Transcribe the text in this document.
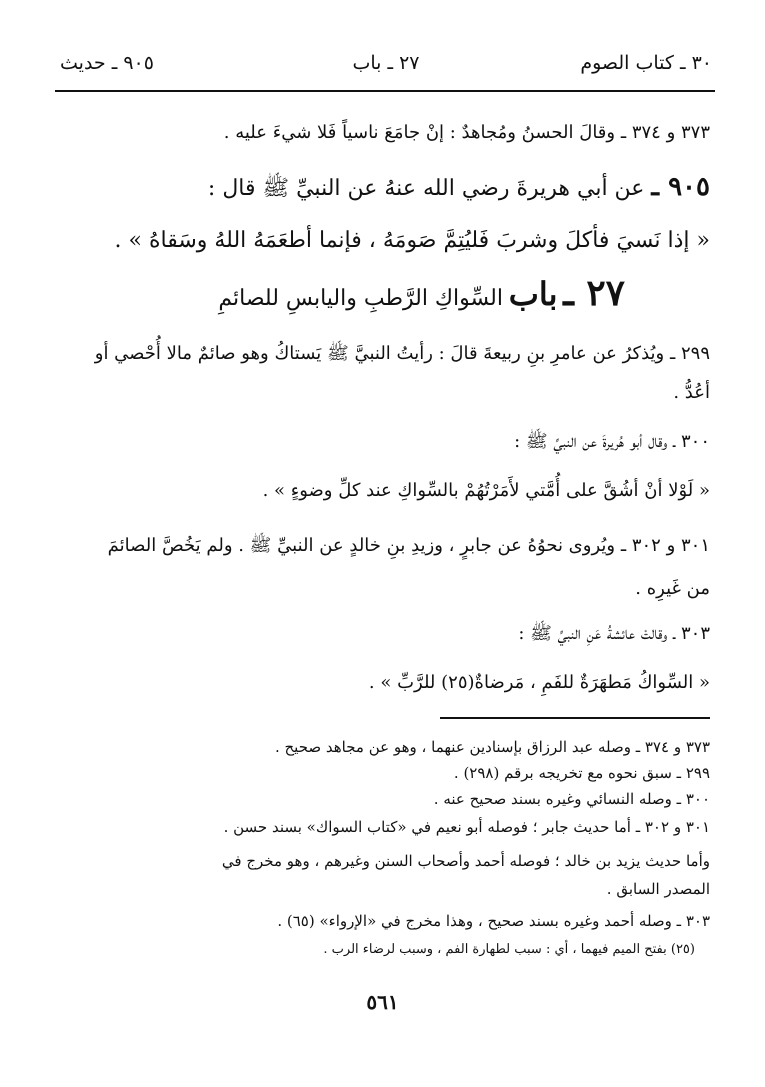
٣٠ ـ كتاب الصوم
٢٧ ـ باب
٩٠٥ ـ حديث
٣٧٣ و ٣٧٤ ـ وقالَ الحسنُ ومُجاهدٌ : إنْ جامَعَ ناسياً فَلا شيءَ عليه .
٩٠٥ ـ عن أبي هريرةَ رضي الله عنهُ عن النبيِّ ﷺ قال :
« إذا نَسيَ فأكلَ وشربَ فَليُتِمَّ صَومَهُ ، فإنما أطعَمَهُ اللهُ وسَقاهُ » .
٢٧ ـ باب السِّواكِ الرَّطبِ واليابسِ للصائمِ
٢٩٩ ـ ويُذكرُ عن عامرِ بنِ ربيعةَ قالَ : رأيتُ النبيَّ ﷺ يَستاكُ وهو صائمٌ مالا أُحْصي أو
أعُدُّ .
٣٠٠ ـ وقال أبو هُريرةَ عن النبيِّ ﷺ :
« لَوْلا أنْ أشُقَّ على أُمَّتي لأَمَرْتُهُمْ بالسِّواكِ عند كلِّ وضوءٍ » .
٣٠١ و ٣٠٢ ـ ويُروى نحوُهُ عن جابرٍ ، وزيدِ بنِ خالدٍ عن النبيِّ ﷺ . ولم يَخُصَّ الصائمَ
من غَيرِه .
٣٠٣ ـ وقالتْ عائشةُ عَنِ النبيِّ ﷺ :
« السِّواكُ مَطهَرَةٌ للفَمِ ، مَرضاةٌ(٢٥) للرَّبِّ » .
٣٧٣ و ٣٧٤ ـ وصله عبد الرزاق بإسنادين عنهما ، وهو عن مجاهد صحيح .
٢٩٩ ـ سبق نحوه مع تخريجه برقم (٢٩٨) .
٣٠٠ ـ وصله النسائي وغيره بسند صحيح عنه .
٣٠١ و ٣٠٢ ـ أما حديث جابر ؛ فوصله أبو نعيم في «كتاب السواك» بسند حسن .
وأما حديث يزيد بن خالد ؛ فوصله أحمد وأصحاب السنن وغيرهم ، وهو مخرج في
المصدر السابق .
٣٠٣ ـ وصله أحمد وغيره بسند صحيح ، وهذا مخرج في «الإرواء» (٦٥) .
(٢٥) بفتح الميم فيهما ، أي : سبب لطهارة الفم ، وسبب لرضاء الرب .
٥٦١
